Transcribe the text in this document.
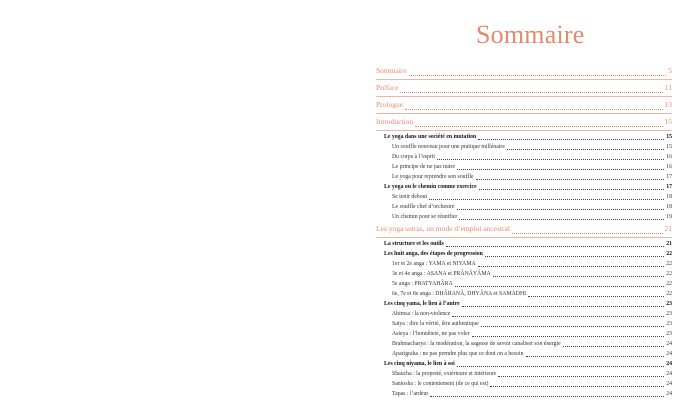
Sommaire
Sommaire	5
Préface	11
Prologue	13
Introduction	15
Le yoga dans une société en mutation	15
Un souffle nouveau pour une pratique millénaire	15
Du corps à l’esprit	16
Le principe de ne pas nuire	16
Le yoga pour reprendre son souffle	17
Le yoga ou le chemin comme exercice	17
Se tenir debout	18
Le souffle chef d’orchestre	18
Un chemin pour se réunifier	19
Les yoga sutras, un mode d’emploi ancestral	21
La structure et les outils	21
Les huit anga, des étapes de progression	22
1er et 2e anga : YAMA et NIYAMA	22
3e et 4e anga : ASANA et PRÂNÂYÂMA	22
5e anga : PRATYAHÂRA	22
6e, 7e et 8e anga : DHÂRANÂ, DHYÂNA et SAMADHI	22
Les cinq yama, le lien à l’autre	23
Ahimsa : la non-violence	23
Satya : dire la vérité, être authentique	23
Asteya : l’honnêteté, ne pas voler	23
Brahmacharya : la modération, la sagesse de savoir canaliser son énergie	24
Aparigraha : ne pas prendre plus que ce dont on a besoin	24
Les cinq niyama, le lien à soi	24
Shaucha : la propreté, extérieure et intérieure	24
Santosha : le contentement (de ce qui est)	24
Tapas : l’ardeur	24
